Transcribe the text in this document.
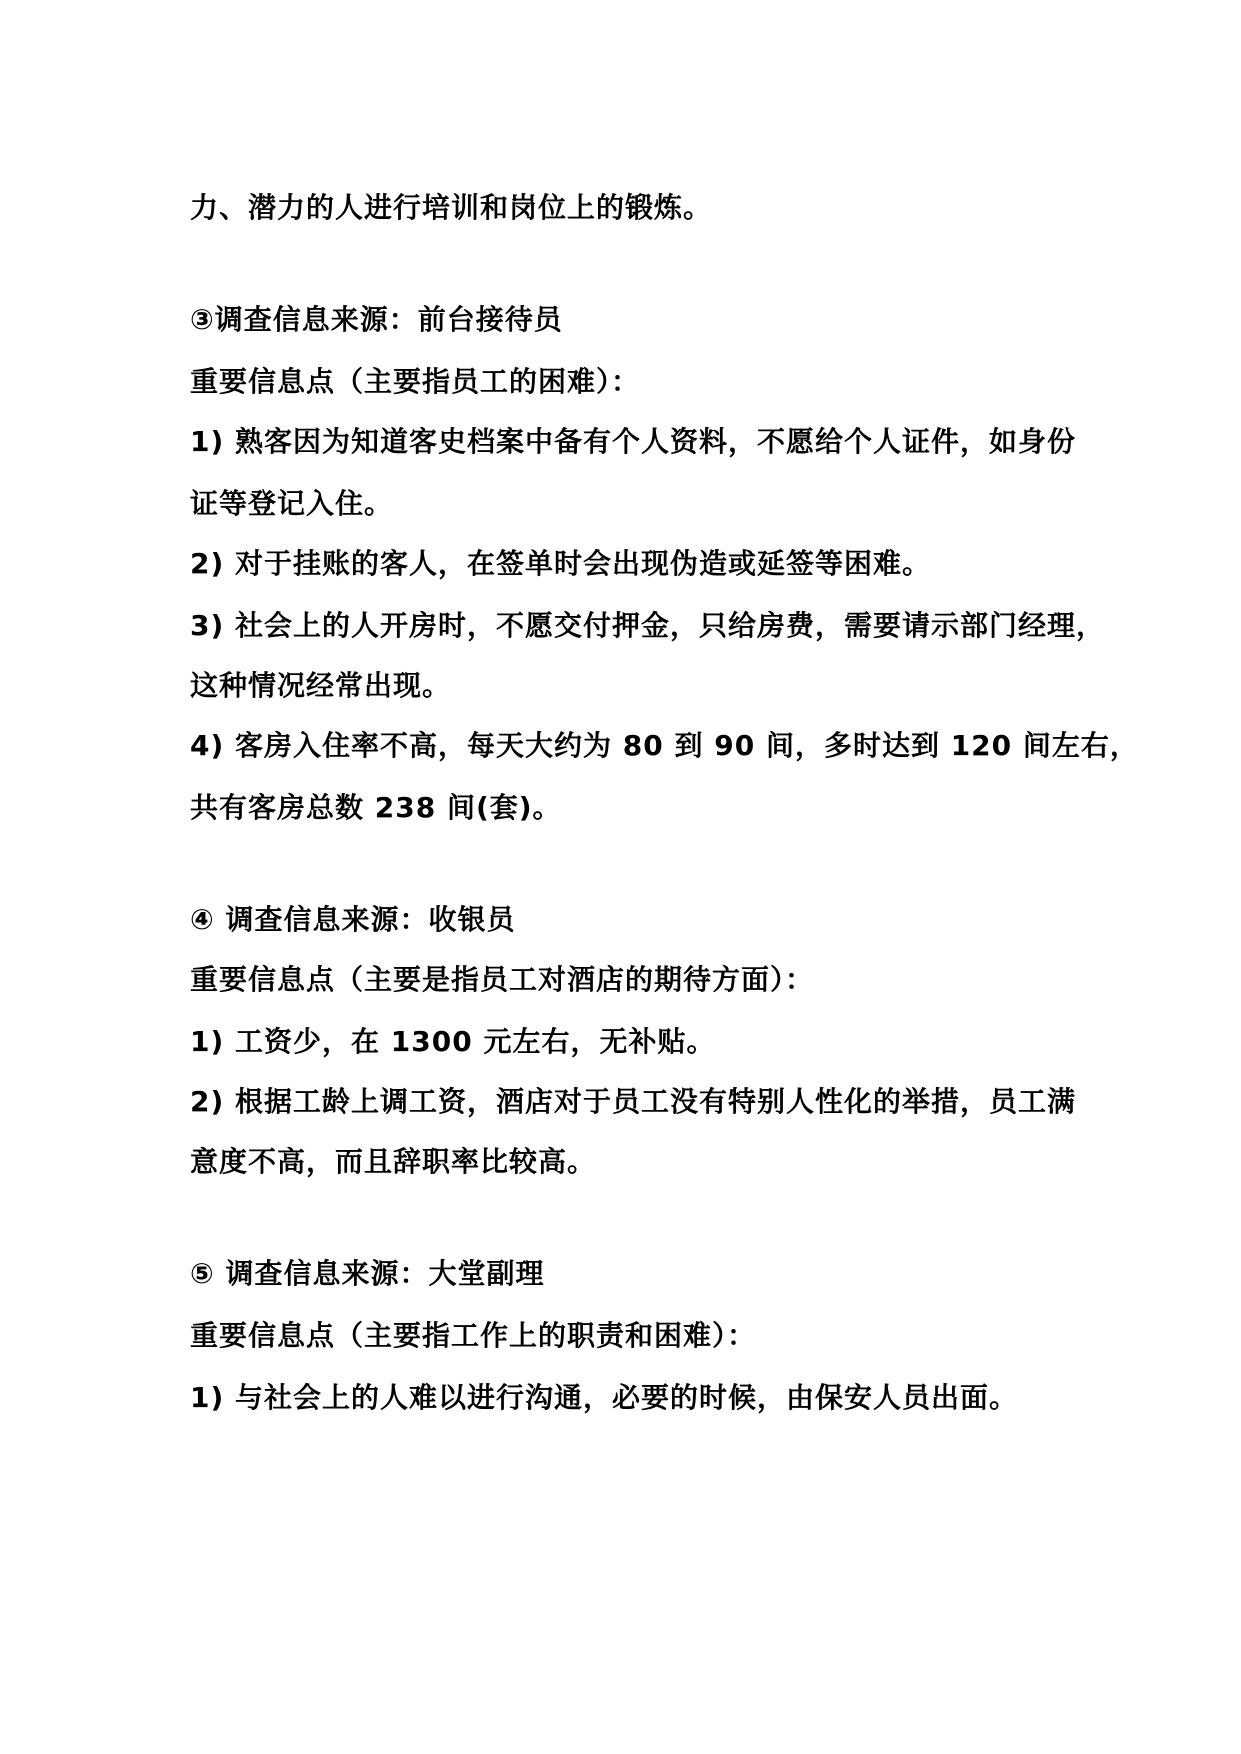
力、潜力的人进行培训和岗位上的锻炼。
③调查信息来源：前台接待员
重要信息点（主要指员工的困难）：
1) 熟客因为知道客史档案中备有个人资料，不愿给个人证件，如身份
证等登记入住。
2) 对于挂账的客人，在签单时会出现伪造或延签等困难。
3) 社会上的人开房时，不愿交付押金，只给房费，需要请示部门经理，
这种情况经常出现。
4) 客房入住率不高，每天大约为 80 到 90 间，多时达到 120 间左右，
共有客房总数 238 间(套)。
④ 调查信息来源：收银员
重要信息点（主要是指员工对酒店的期待方面）：
1) 工资少，在 1300 元左右，无补贴。
2) 根据工龄上调工资，酒店对于员工没有特别人性化的举措，员工满
意度不高，而且辞职率比较高。
⑤ 调查信息来源：大堂副理
重要信息点（主要指工作上的职责和困难）：
1) 与社会上的人难以进行沟通，必要的时候，由保安人员出面。
